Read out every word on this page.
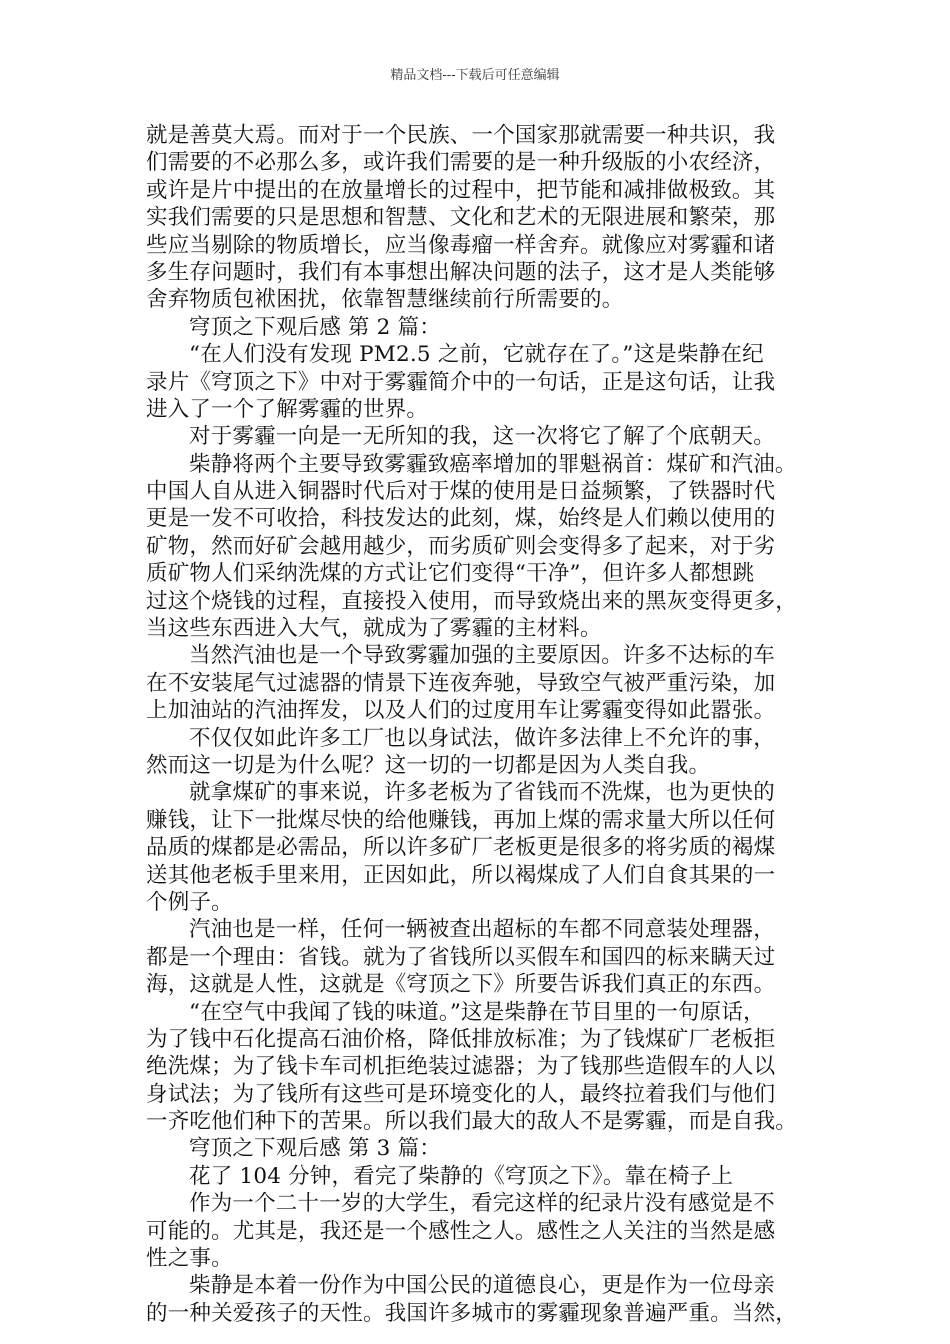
精品文档---下载后可任意编辑
就是善莫大焉。而对于一个民族、一个国家那就需要一种共识，我
们需要的不必那么多，或许我们需要的是一种升级版的小农经济，
或许是片中提出的在放量增长的过程中，把节能和减排做极致。其
实我们需要的只是思想和智慧、文化和艺术的无限进展和繁荣，那
些应当剔除的物质增长，应当像毒瘤一样舍弃。就像应对雾霾和诸
多生存问题时，我们有本事想出解决问题的法子，这才是人类能够
舍弃物质包袱困扰，依靠智慧继续前行所需要的。
穹顶之下观后感 第 2 篇：
“在人们没有发现 PM2.5 之前，它就存在了。”这是柴静在纪
录片《穹顶之下》中对于雾霾简介中的一句话，正是这句话，让我
进入了一个了解雾霾的世界。
对于雾霾一向是一无所知的我，这一次将它了解了个底朝天。
柴静将两个主要导致雾霾致癌率增加的罪魁祸首：煤矿和汽油。
中国人自从进入铜器时代后对于煤的使用是日益频繁，了铁器时代
更是一发不可收拾，科技发达的此刻，煤，始终是人们赖以使用的
矿物，然而好矿会越用越少，而劣质矿则会变得多了起来，对于劣
质矿物人们采纳洗煤的方式让它们变得“干净”，但许多人都想跳
过这个烧钱的过程，直接投入使用，而导致烧出来的黑灰变得更多，
当这些东西进入大气，就成为了雾霾的主材料。
当然汽油也是一个导致雾霾加强的主要原因。许多不达标的车
在不安装尾气过滤器的情景下连夜奔驰，导致空气被严重污染，加
上加油站的汽油挥发，以及人们的过度用车让雾霾变得如此嚣张。
不仅仅如此许多工厂也以身试法，做许多法律上不允许的事，
然而这一切是为什么呢？这一切的一切都是因为人类自我。
就拿煤矿的事来说，许多老板为了省钱而不洗煤，也为更快的
赚钱，让下一批煤尽快的给他赚钱，再加上煤的需求量大所以任何
品质的煤都是必需品，所以许多矿厂老板更是很多的将劣质的褐煤
送其他老板手里来用，正因如此，所以褐煤成了人们自食其果的一
个例子。
汽油也是一样，任何一辆被查出超标的车都不同意装处理器，
都是一个理由：省钱。就为了省钱所以买假车和国四的标来瞒天过
海，这就是人性，这就是《穹顶之下》所要告诉我们真正的东西。
“在空气中我闻了钱的味道。”这是柴静在节目里的一句原话，
为了钱中石化提高石油价格，降低排放标准；为了钱煤矿厂老板拒
绝洗煤；为了钱卡车司机拒绝装过滤器；为了钱那些造假车的人以
身试法；为了钱所有这些可是环境变化的人，最终拉着我们与他们
一齐吃他们种下的苦果。所以我们最大的敌人不是雾霾，而是自我。
穹顶之下观后感 第 3 篇：
花了 104 分钟，看完了柴静的《穹顶之下》。靠在椅子上
作为一个二十一岁的大学生，看完这样的纪录片没有感觉是不
可能的。尤其是，我还是一个感性之人。感性之人关注的当然是感
性之事。
柴静是本着一份作为中国公民的道德良心，更是作为一位母亲
的一种关爱孩子的天性。我国许多城市的雾霾现象普遍严重。当然，
